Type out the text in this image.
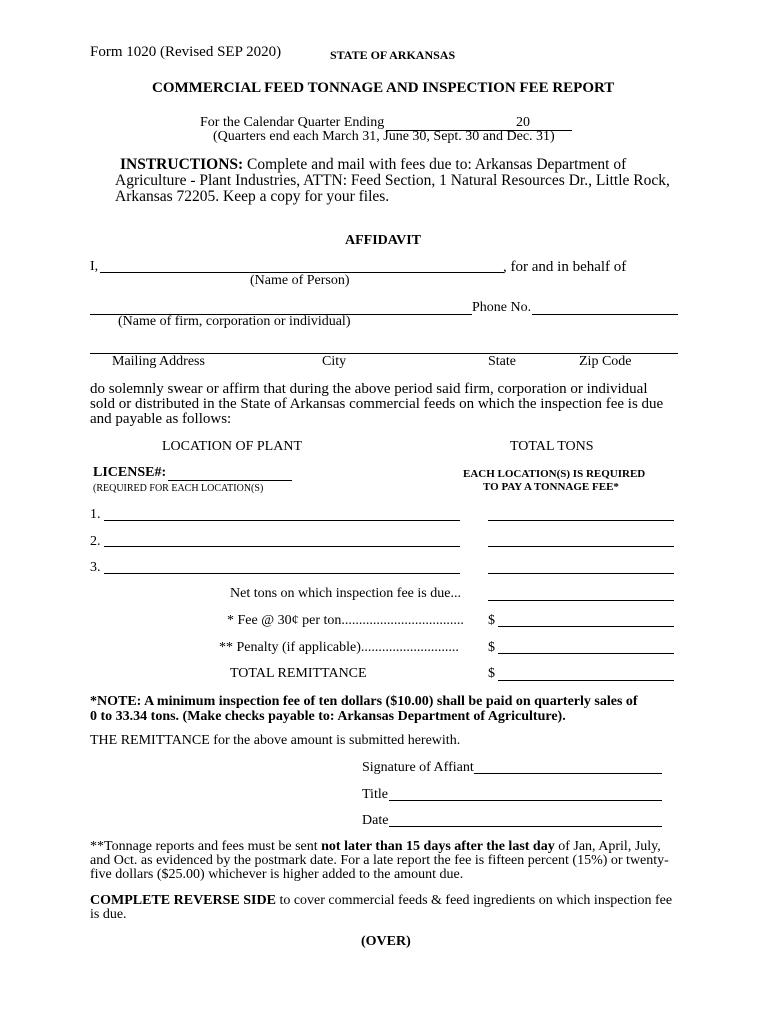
Form 1020 (Revised SEP 2020)	STATE OF ARKANSAS
COMMERCIAL FEED TONNAGE AND INSPECTION FEE REPORT
For the Calendar Quarter Ending	20
(Quarters end each March 31, June 30, Sept. 30 and Dec. 31)
INSTRUCTIONS: Complete and mail with fees due to: Arkansas Department of
Agriculture - Plant Industries, ATTN: Feed Section, 1 Natural Resources Dr., Little Rock,
Arkansas 72205. Keep a copy for your files.
AFFIDAVIT
I,	, for and in behalf of
(Name of Person)
Phone No.
(Name of firm, corporation or individual)
Mailing Address	City	State	Zip Code
do solemnly swear or affirm that during the above period said firm, corporation or individual
sold or distributed in the State of Arkansas commercial feeds on which the inspection fee is due
and payable as follows:
LOCATION OF PLANT	TOTAL TONS
LICENSE#:
(REQUIRED FOR EACH LOCATION(S)
EACH LOCATION(S) IS REQUIRED
TO PAY A TONNAGE FEE*
1.
2.
3.
Net tons on which inspection fee is due...
* Fee @ 30¢ per ton................................... $
** Penalty (if applicable)............................ $
TOTAL REMITTANCE	$
*NOTE: A minimum inspection fee of ten dollars ($10.00) shall be paid on quarterly sales of
0 to 33.34 tons. (Make checks payable to: Arkansas Department of Agriculture).
THE REMITTANCE for the above amount is submitted herewith.
Signature of Affiant
Title
Date
**Tonnage reports and fees must be sent not later than 15 days after the last day of Jan, April, July,
and Oct. as evidenced by the postmark date. For a late report the fee is fifteen percent (15%) or twenty-
five dollars ($25.00) whichever is higher added to the amount due.
COMPLETE REVERSE SIDE to cover commercial feeds & feed ingredients on which inspection fee
is due.
(OVER)
